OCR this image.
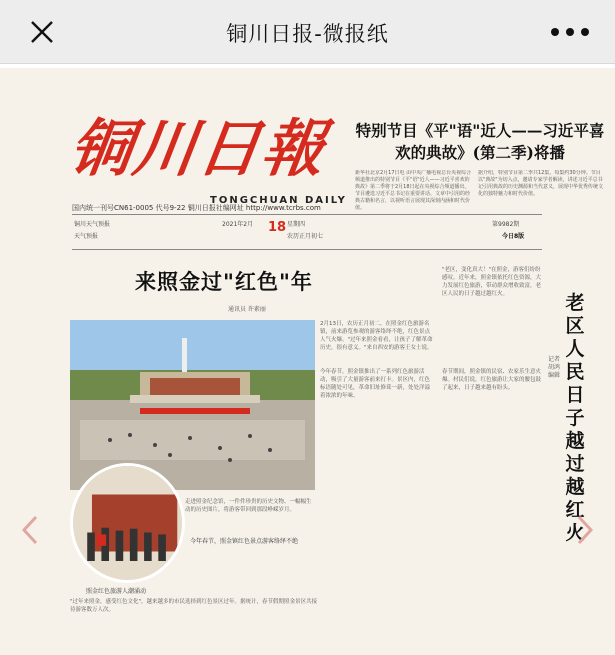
铜川日报-微报纸
新华社北京2月17日电 由中央广播电视总台央视综合频道推出的特别节目《平"语"近人——习近平喜欢的典故》第二季将于2月18日起在央视综合频道播出。节目遴选习近平总书记在重要讲话、文章中引用的经典古籍和名言，以视听语言展现其深刻内涵和时代价值。
据介绍，特别节目第二季共12集，每集约30分钟。节目以"典故"为切入点，邀请专家学者解读，讲述习近平总书记引用典故的历史渊源和当代意义，展现中华优秀传统文化的独特魅力和时代价值。
特别节目《平"语"近人——习近平喜欢的典故》(第二季)将播
铜川日報
TONGCHUAN DAILY
国内统一刊号CN61-0005 代号9-22 铜川日报社编网址 http://www.tcrbs.com
铜川天气预报
天气预报
2021年2月	星期四
农历正月初七
第9982期
今日8版
18
来照金过"红色"年
通讯员 许素丽
今年春节，照金镇红色景点游客络绎不绝
照金红色旅游人潮涌动
2月13日，农历正月初二，在照金红色旅游名镇，前来游览参观的游客络绎不绝，红色景点人气火爆。"过年来照金看看，让孩子了解革命历史，很有意义。"来自西安的游客王女士说。
今年春节，照金镇推出了一系列红色旅游活动，吸引了大量游客前来打卡。景区内，红色标语随处可见，革命旧址修葺一新，处处洋溢着浓浓的年味。
走进照金纪念馆，一件件珍贵的历史文物、一幅幅生动的历史图片，将游客带回到那段峥嵘岁月。
"过年来照金，感受红色文化"，越来越多的市民选择到红色景区过年。据统计，春节假期照金景区共接待游客数万人次。
"老区，变化真大！"在照金，游客们纷纷感叹。近年来，照金镇依托红色资源，大力发展红色旅游，带动群众增收致富，老区人民的日子越过越红火。
春节期间，照金镇的民宿、农家乐生意火爆。村民们说，红色旅游让大家的腰包鼓了起来，日子越来越有盼头。
老区人民日子越过越红火
记者 胡鸿 编辑
